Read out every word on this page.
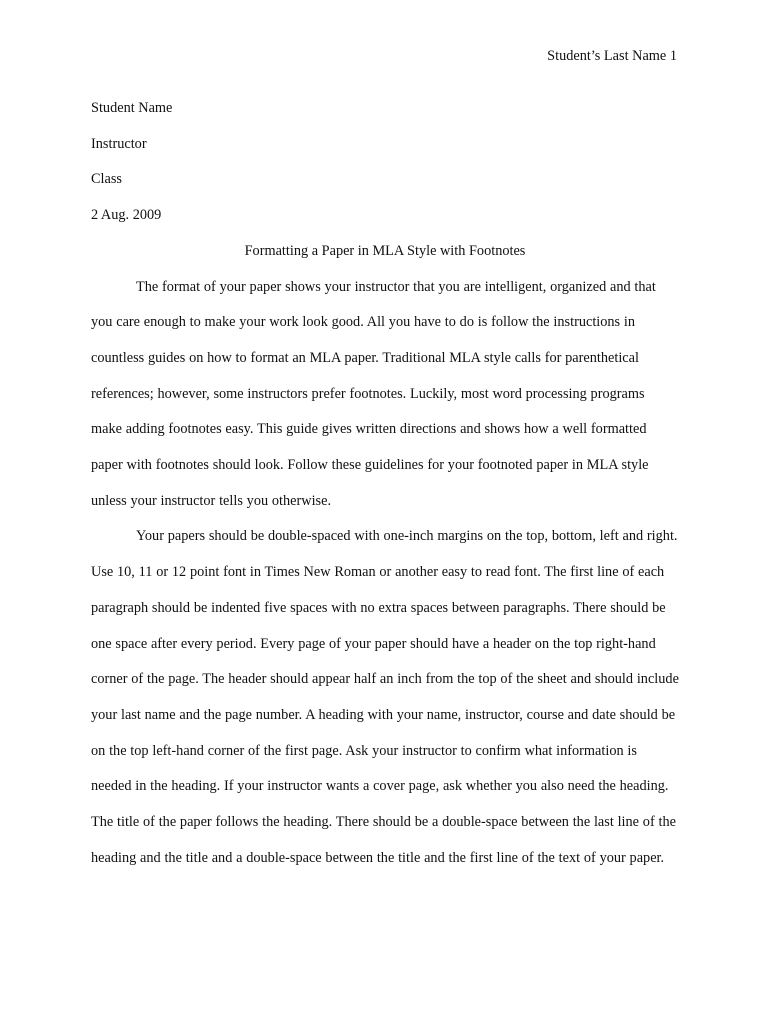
Student’s Last Name 1

Student Name

Instructor

Class

2 Aug. 2009

Formatting a Paper in MLA Style with Footnotes

The format of your paper shows your instructor that you are intelligent, organized and that you care enough to make your work look good. All you have to do is follow the instructions in countless guides on how to format an MLA paper. Traditional MLA style calls for parenthetical references; however, some instructors prefer footnotes. Luckily, most word processing programs make adding footnotes easy. This guide gives written directions and shows how a well formatted paper with footnotes should look. Follow these guidelines for your footnoted paper in MLA style unless your instructor tells you otherwise.

Your papers should be double-spaced with one-inch margins on the top, bottom, left and right. Use 10, 11 or 12 point font in Times New Roman or another easy to read font. The first line of each paragraph should be indented five spaces with no extra spaces between paragraphs. There should be one space after every period. Every page of your paper should have a header on the top right-hand corner of the page. The header should appear half an inch from the top of the sheet and should include your last name and the page number. A heading with your name, instructor, course and date should be on the top left-hand corner of the first page. Ask your instructor to confirm what information is needed in the heading. If your instructor wants a cover page, ask whether you also need the heading. The title of the paper follows the heading. There should be a double-space between the last line of the heading and the title and a double-space between the title and the first line of the text of your paper.
